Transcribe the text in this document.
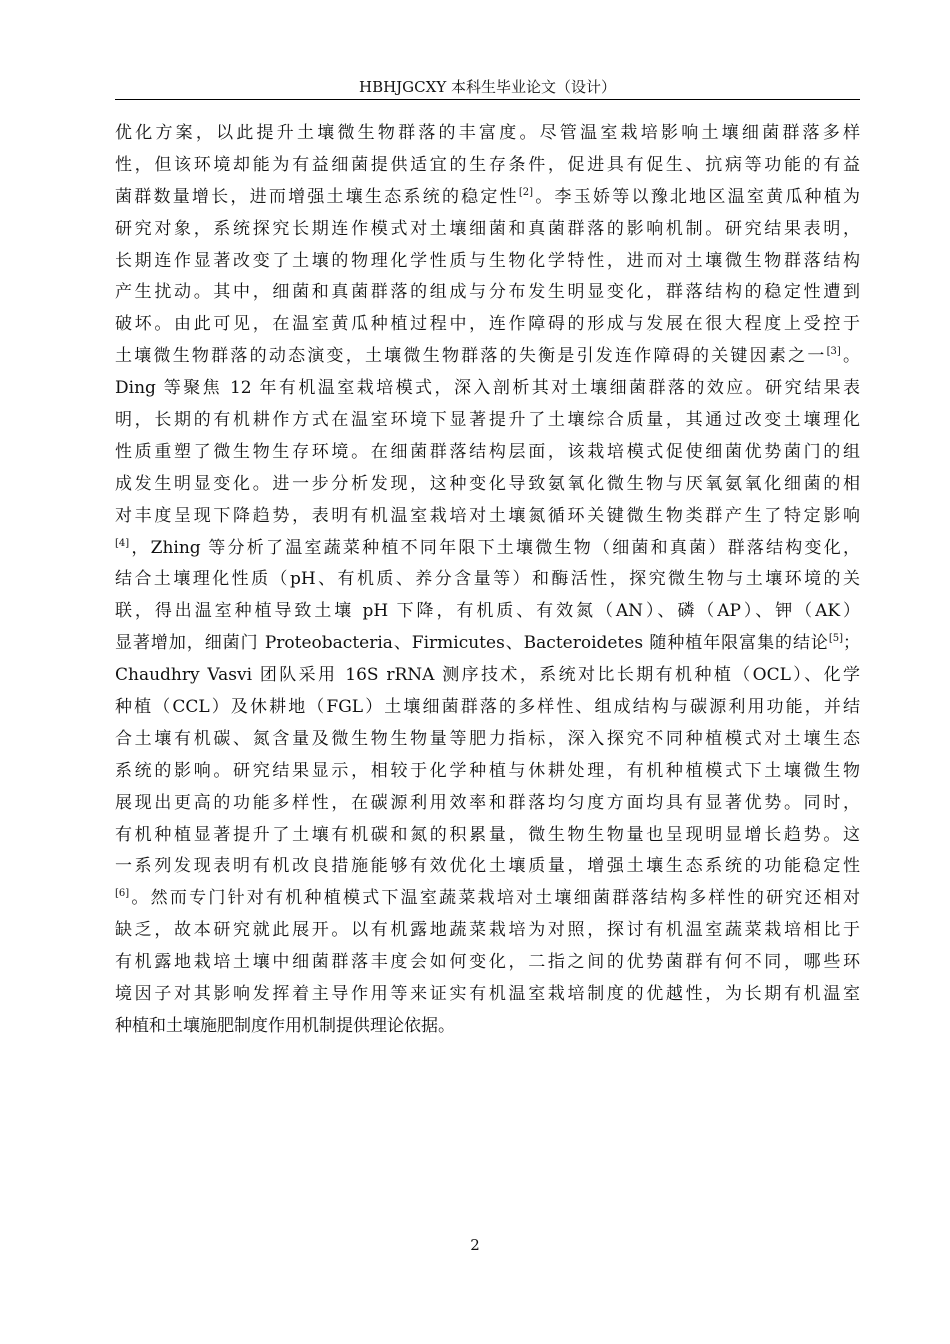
HBHJGCXY 本科生毕业论文（设计）
优化方案，以此提升土壤微生物群落的丰富度。尽管温室栽培影响土壤细菌群落多样
性，但该环境却能为有益细菌提供适宜的生存条件，促进具有促生、抗病等功能的有益
菌群数量增长，进而增强土壤生态系统的稳定性[2]。李玉娇等以豫北地区温室黄瓜种植为
研究对象，系统探究长期连作模式对土壤细菌和真菌群落的影响机制。研究结果表明，
长期连作显著改变了土壤的物理化学性质与生物化学特性，进而对土壤微生物群落结构
产生扰动。其中，细菌和真菌群落的组成与分布发生明显变化，群落结构的稳定性遭到
破坏。由此可见，在温室黄瓜种植过程中，连作障碍的形成与发展在很大程度上受控于
土壤微生物群落的动态演变，土壤微生物群落的失衡是引发连作障碍的关键因素之一[3]。
Ding 等聚焦 12 年有机温室栽培模式，深入剖析其对土壤细菌群落的效应。研究结果表
明，长期的有机耕作方式在温室环境下显著提升了土壤综合质量，其通过改变土壤理化
性质重塑了微生物生存环境。在细菌群落结构层面，该栽培模式促使细菌优势菌门的组
成发生明显变化。进一步分析发现，这种变化导致氨氧化微生物与厌氧氨氧化细菌的相
对丰度呈现下降趋势，表明有机温室栽培对土壤氮循环关键微生物类群产生了特定影响
[4]，Zhing 等分析了温室蔬菜种植不同年限下土壤微生物（细菌和真菌）群落结构变化，
结合土壤理化性质（pH、有机质、养分含量等）和酶活性，探究微生物与土壤环境的关
联，得出温室种植导致土壤 pH 下降，有机质、有效氮（AN）、磷（AP）、钾（AK）
显著增加，细菌门 Proteobacteria、Firmicutes、Bacteroidetes 随种植年限富集的结论[5]；
Chaudhry Vasvi 团队采用 16S rRNA 测序技术，系统对比长期有机种植（OCL）、化学
种植（CCL）及休耕地（FGL）土壤细菌群落的多样性、组成结构与碳源利用功能，并结
合土壤有机碳、氮含量及微生物生物量等肥力指标，深入探究不同种植模式对土壤生态
系统的影响。研究结果显示，相较于化学种植与休耕处理，有机种植模式下土壤微生物
展现出更高的功能多样性，在碳源利用效率和群落均匀度方面均具有显著优势。同时，
有机种植显著提升了土壤有机碳和氮的积累量，微生物生物量也呈现明显增长趋势。这
一系列发现表明有机改良措施能够有效优化土壤质量，增强土壤生态系统的功能稳定性
[6]。然而专门针对有机种植模式下温室蔬菜栽培对土壤细菌群落结构多样性的研究还相对
缺乏，故本研究就此展开。以有机露地蔬菜栽培为对照，探讨有机温室蔬菜栽培相比于
有机露地栽培土壤中细菌群落丰度会如何变化，二指之间的优势菌群有何不同，哪些环
境因子对其影响发挥着主导作用等来证实有机温室栽培制度的优越性，为长期有机温室
种植和土壤施肥制度作用机制提供理论依据。
2
